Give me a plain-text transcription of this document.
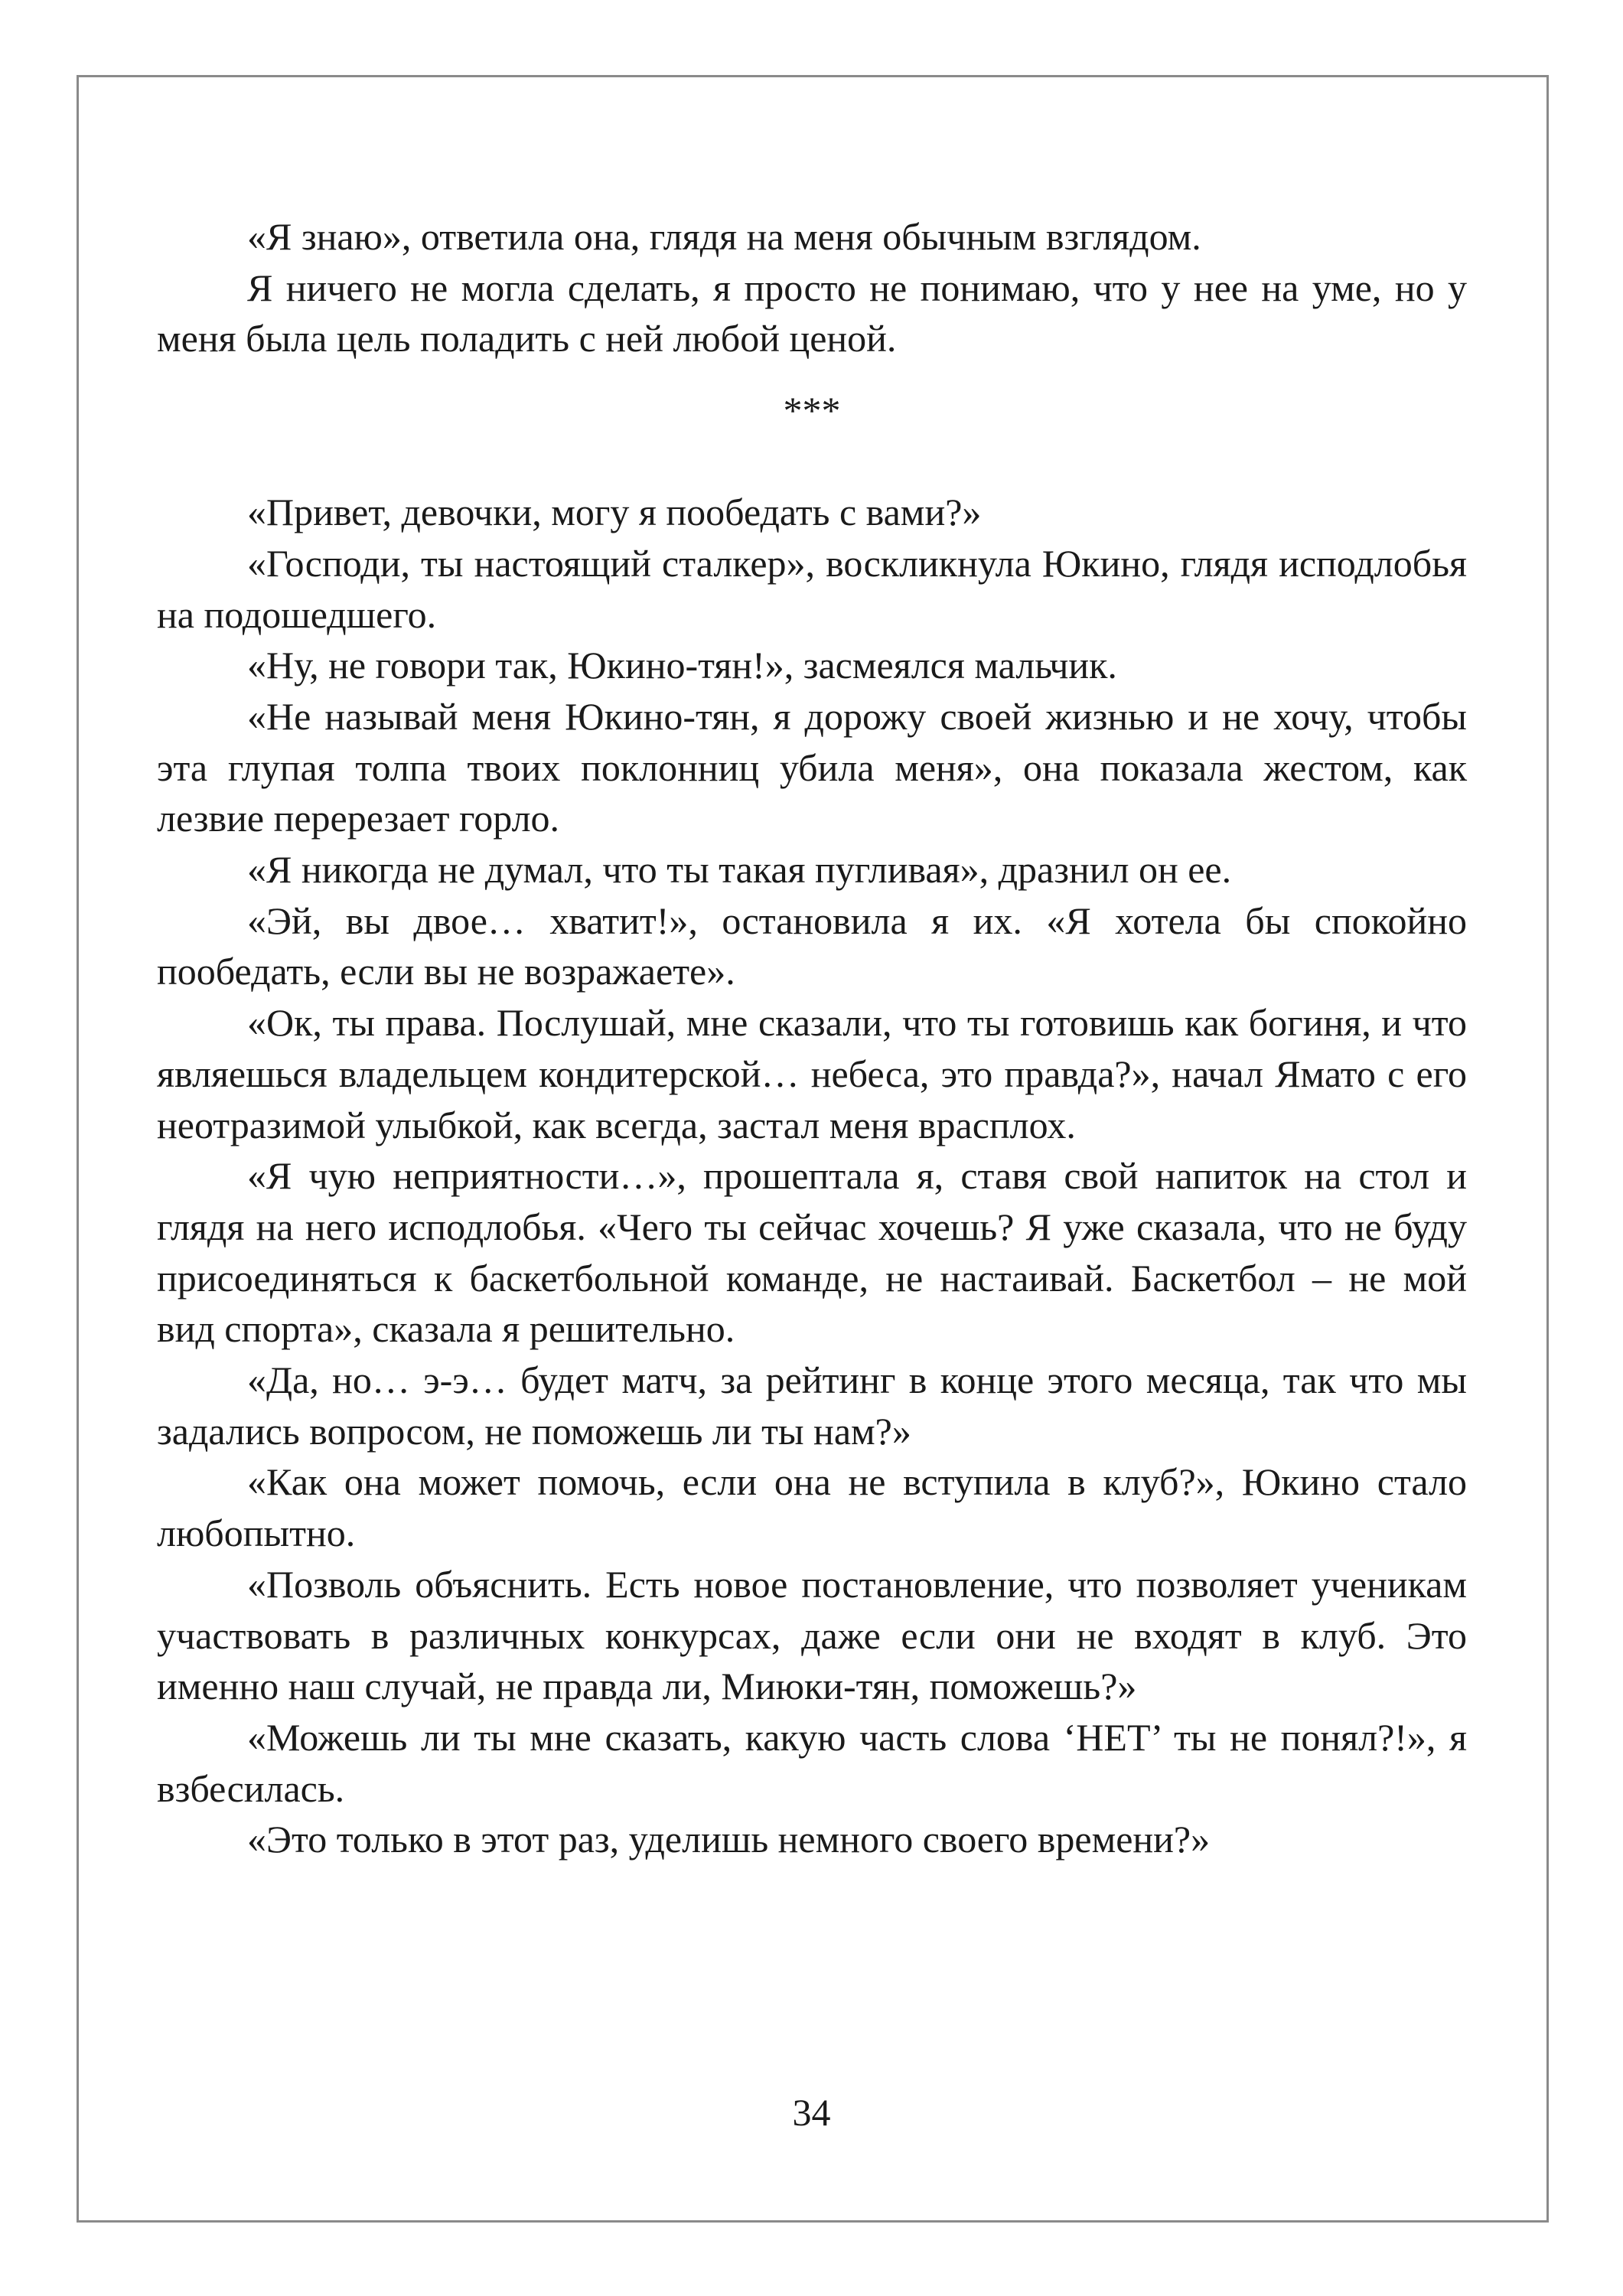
«Я знаю», ответила она, глядя на меня обычным взглядом.

Я ничего не могла сделать, я просто не понимаю, что у нее на уме, но у меня была цель поладить с ней любой ценой.

***

«Привет, девочки, могу я пообедать с вами?»

«Господи, ты настоящий сталкер», воскликнула Юкино, глядя исподлобья на подошедшего.

«Ну, не говори так, Юкино-тян!», засмеялся мальчик.

«Не называй меня Юкино-тян, я дорожу своей жизнью и не хочу, чтобы эта глупая толпа твоих поклонниц убила меня», она показала жестом, как лезвие перерезает горло.

«Я никогда не думал, что ты такая пугливая», дразнил он ее.

«Эй, вы двое… хватит!», остановила я их. «Я хотела бы спокойно пообедать, если вы не возражаете».

«Ок, ты права. Послушай, мне сказали, что ты готовишь как богиня, и что являешься владельцем кондитерской… небеса, это правда?», начал Ямато с его неотразимой улыбкой, как всегда, застал меня врасплох.

«Я чую неприятности…», прошептала я, ставя свой напиток на стол и глядя на него исподлобья. «Чего ты сейчас хочешь? Я уже сказала, что не буду присоединяться к баскетбольной команде, не настаивай. Баскетбол – не мой вид спорта», сказала я решительно.

«Да, но… э-э… будет матч, за рейтинг в конце этого месяца, так что мы задались вопросом, не поможешь ли ты нам?»

«Как она может помочь, если она не вступила в клуб?», Юкино стало любопытно.

«Позволь объяснить. Есть новое постановление, что позволяет ученикам участвовать в различных конкурсах, даже если они не входят в клуб. Это именно наш случай, не правда ли, Миюки-тян, поможешь?»

«Можешь ли ты мне сказать, какую часть слова ‘НЕТ’ ты не понял?!», я взбесилась.

«Это только в этот раз, уделишь немного своего времени?»

34
